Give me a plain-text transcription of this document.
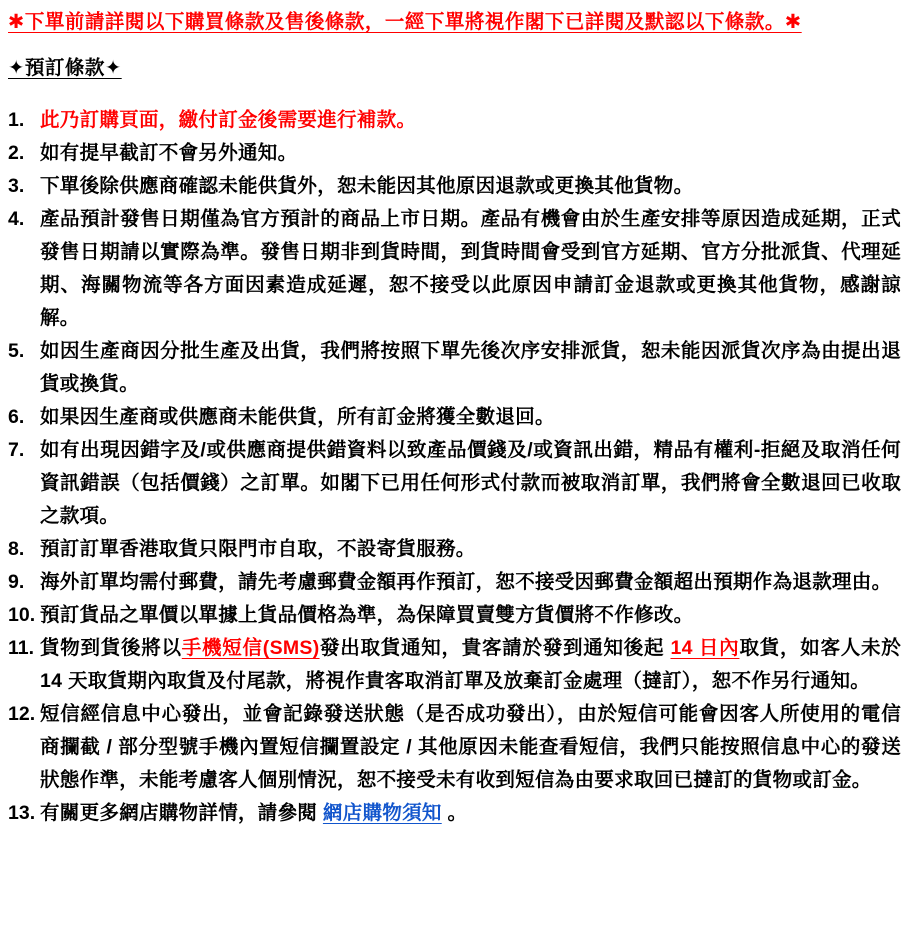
✱下單前請詳閱以下購買條款及售後條款，一經下單將視作閣下已詳閱及默認以下條款。✱
✦預訂條款✦
1. 此乃訂購頁面，繳付訂金後需要進行補款。
2. 如有提早截訂不會另外通知。
3. 下單後除供應商確認未能供貨外，恕未能因其他原因退款或更換其他貨物。
4. 產品預計發售日期僅為官方預計的商品上市日期。產品有機會由於生產安排等原因造成延期，正式發售日期請以實際為準。發售日期非到貨時間，到貨時間會受到官方延期、官方分批派貨、代理延期、海關物流等各方面因素造成延遲，恕不接受以此原因申請訂金退款或更換其他貨物，感謝諒解。
5. 如因生產商因分批生產及出貨，我們將按照下單先後次序安排派貨，恕未能因派貨次序為由提出退貨或換貨。
6. 如果因生產商或供應商未能供貨，所有訂金將獲全數退回。
7. 如有出現因錯字及/或供應商提供錯資料以致產品價錢及/或資訊出錯，精品有權利-拒絕及取消任何資訊錯誤（包括價錢）之訂單。如閣下已用任何形式付款而被取消訂單，我們將會全數退回已收取之款項。
8. 預訂訂單香港取貨只限門市自取，不設寄貨服務。
9. 海外訂單均需付郵費，請先考慮郵費金額再作預訂，恕不接受因郵費金額超出預期作為退款理由。
10. 預訂貨品之單價以單據上貨品價格為準，為保障買賣雙方貨價將不作修改。
11. 貨物到貨後將以手機短信(SMS)發出取貨通知，貴客請於發到通知後起 14 日內取貨，如客人未於 14 天取貨期內取貨及付尾款，將視作貴客取消訂單及放棄訂金處理（撻訂），恕不作另行通知。
12. 短信經信息中心發出，並會記錄發送狀態（是否成功發出），由於短信可能會因客人所使用的電信商攔截 / 部分型號手機內置短信攔置設定 / 其他原因未能查看短信，我們只能按照信息中心的發送狀態作準，未能考慮客人個別情況，恕不接受未有收到短信為由要求取回已撻訂的貨物或訂金。
13. 有關更多網店購物詳情，請參閱 網店購物須知 。
